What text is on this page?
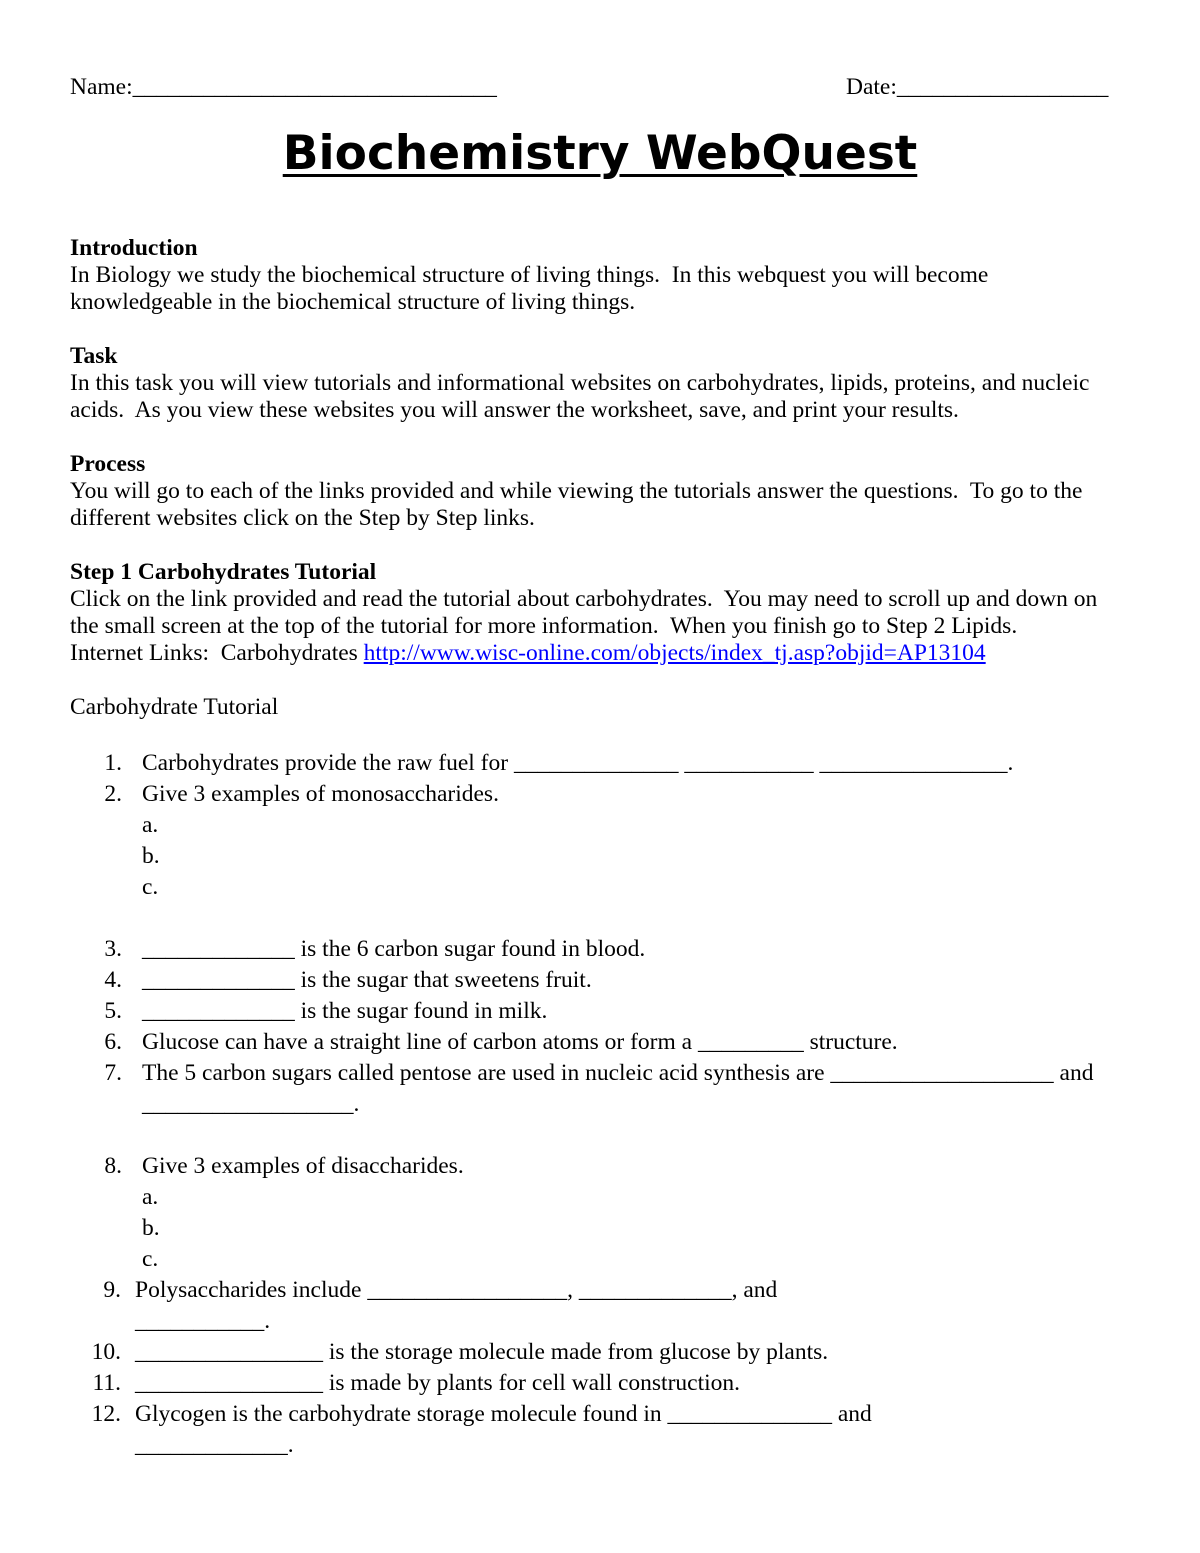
Name:_______________________________

	Date:__________________

Biochemistry WebQuest
Introduction
In Biology we study the biochemical structure of living things.  In this webquest you will become
knowledgeable in the biochemical structure of living things.
Task
In this task you will view tutorials and informational websites on carbohydrates, lipids, proteins, and nucleic
acids.  As you view these websites you will answer the worksheet, save, and print your results.
Process
You will go to each of the links provided and while viewing the tutorials answer the questions.  To go to the
different websites click on the Step by Step links.
Step 1 Carbohydrates Tutorial
Click on the link provided and read the tutorial about carbohydrates.  You may need to scroll up and down on
the small screen at the top of the tutorial for more information.  When you finish go to Step 2 Lipids.
Internet Links:  Carbohydrates http://www.wisc-online.com/objects/index_tj.asp?objid=AP13104
Carbohydrate Tutorial

1.

Carbohydrates provide the raw fuel for ______________ ___________ ________________.

2.

Give 3 examples of monosaccharides.

a.

b.

c.

3.

_____________ is the 6 carbon sugar found in blood.

4.

_____________ is the sugar that sweetens fruit.

5.

_____________ is the sugar found in milk.

6.

Glucose can have a straight line of carbon atoms or form a _________ structure.

7.

The 5 carbon sugars called pentose are used in nucleic acid synthesis are ___________________ and

__________________.

8.

Give 3 examples of disaccharides.

a.

b.

c.

9.

Polysaccharides include _________________, _____________, and

___________.

10.

________________ is the storage molecule made from glucose by plants.

11.

________________ is made by plants for cell wall construction.

12.

Glycogen is the carbohydrate storage molecule found in ______________ and

_____________.
